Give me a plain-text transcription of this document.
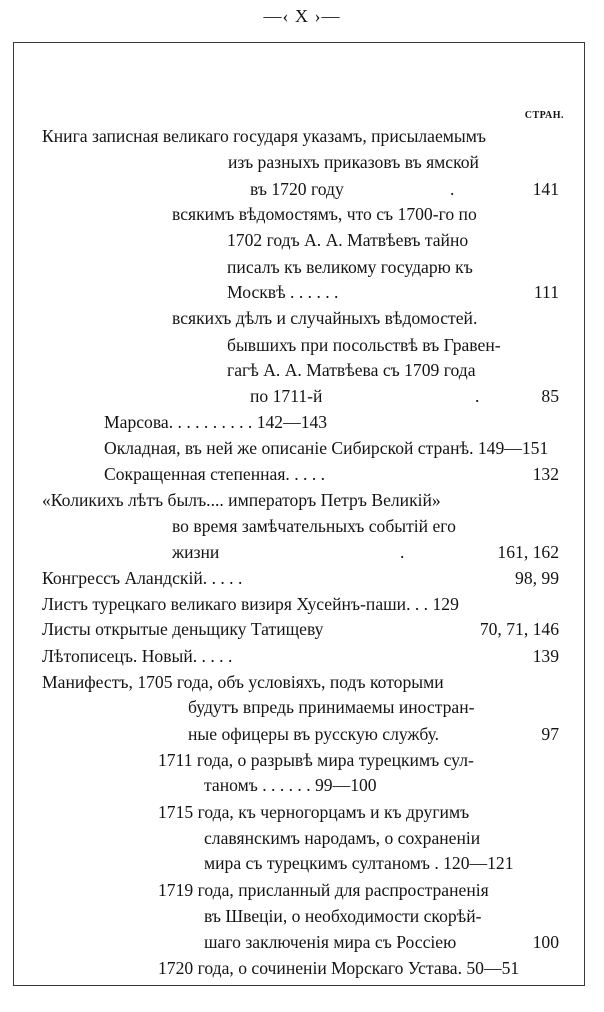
—‹ X ›—
СТРАН.
Книга записная великаго государя указамъ, присылаемымъ
изъ разныхъ приказовъ въ ямской
въ 1720 году	.	141
всякимъ вѣдомостямъ, что съ 1700-го по
1702 годъ А. А. Матвѣевъ тайно
писалъ къ великому государю къ
Москвѣ . . . . . .	111
всякихъ дѣлъ и случайныхъ вѣдомостей.
бывшихъ при посольствѣ въ Гравен-
гагѣ А. А. Матвѣева съ 1709 года
по 1711-й	.	85
Марсова. . . . . . . . . . 142—143
Окладная, въ ней же описаніе Сибирской странѣ. 149—151
Сокращенная степенная. . . . .	132
«Коликихъ лѣтъ былъ.... императоръ Петръ Великій»
во время замѣчательныхъ событій его
жизни	.	161, 162
Конгрессъ Аландскій. . . . .	98, 99
Листъ турецкаго великаго визиря Хусейнъ-паши. . . 129
Листы открытые деньщику Татищеву	70, 71, 146
Лѣтописецъ. Новый. . . . .	139
Манифестъ, 1705 года, объ условіяхъ, подъ которыми
будутъ впредь принимаемы иностран-
ные офицеры въ русскую службу.	97
1711 года, о разрывѣ мира турецкимъ сул-
таномъ . . . . . . 99—100
1715 года, къ черногорцамъ и къ другимъ
славянскимъ народамъ, о сохраненіи
мира съ турецкимъ султаномъ . 120—121
1719 года, присланный для распространенія
въ Швеціи, о необходимости скорѣй-
шаго заключенія мира съ Россіею	100
1720 года, о сочиненіи Морскаго Устава. 50—51
